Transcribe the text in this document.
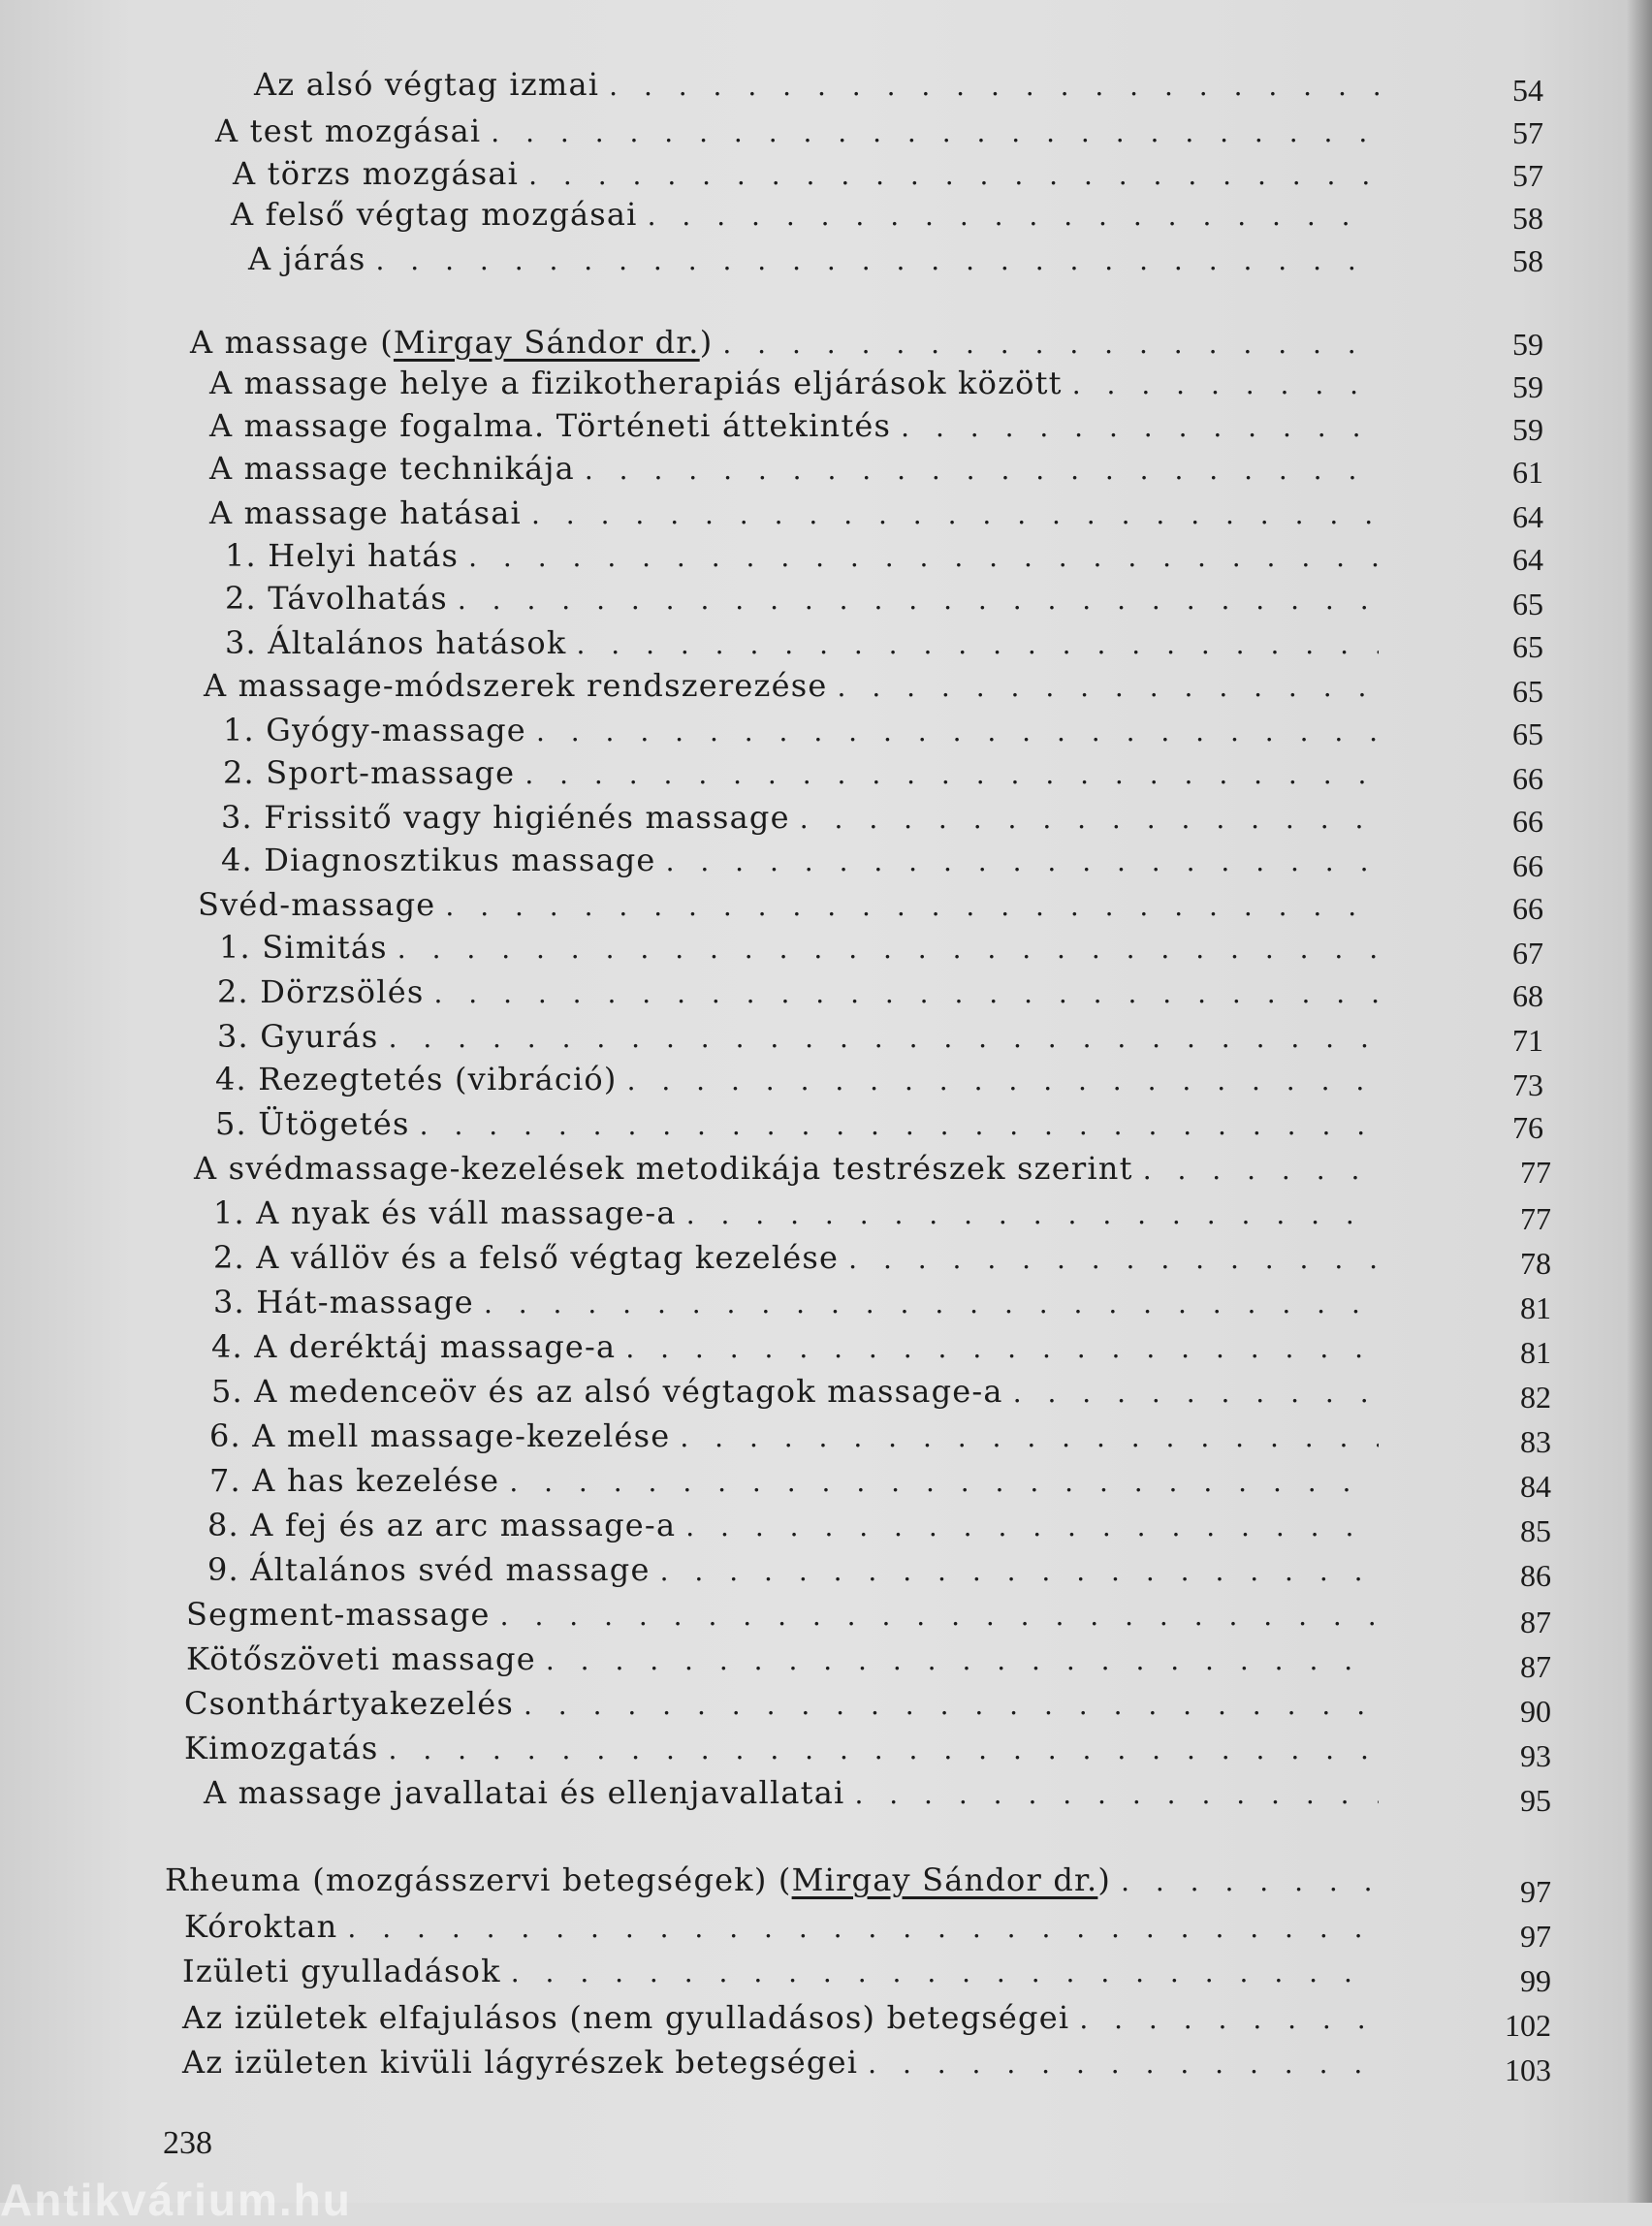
Az alsó végtag izmai . . .	54
A test mozgásai . . .	57
A törzs mozgásai . . .	57
A felső végtag mozgásai . . .	58
A járás . . .	58
A massage (Mirgay Sándor dr.) . . .	59
A massage helye a fizikotherapiás eljárások között . . .	59
A massage fogalma. Történeti áttekintés . . .	59
A massage technikája . . .	61
A massage hatásai . . .	64
1. Helyi hatás . . .	64
2. Távolhatás . . .	65
3. Általános hatások . . .	65
A massage-módszerek rendszerezése . . .	65
1. Gyógy-massage . . .	65
2. Sport-massage . . .	66
3. Frissitő vagy higiénés massage . . .	66
4. Diagnosztikus massage . . .	66
Svéd-massage . . .	66
1. Simitás . . .	67
2. Dörzsölés . . .	68
3. Gyurás . . .	71
4. Rezegtetés (vibráció) . . .	73
5. Ütögetés . . .	76
A svédmassage-kezelések metodikája testrészek szerint . . .	77
1. A nyak és váll massage-a . . .	77
2. A vállöv és a felső végtag kezelése . . .	78
3. Hát-massage . . .	81
4. A deréktáj massage-a . . .	81
5. A medenceöv és az alsó végtagok massage-a . . .	82
6. A mell massage-kezelése . . .	83
7. A has kezelése . . .	84
8. A fej és az arc massage-a . . .	85
9. Általános svéd massage . . .	86
Segment-massage . . .	87
Kötőszöveti massage . . .	87
Csonthártyakezelés . . .	90
Kimozgatás . . .	93
A massage javallatai és ellenjavallatai . . .	95
Rheuma (mozgásszervi betegségek) (Mirgay Sándor dr.) . . .	97
Kóroktan . . .	97
Izületi gyulladások . . .	99
Az izületek elfajulásos (nem gyulladásos) betegségei . . .	102
Az izületen kivüli lágyrészek betegségei . . .	103
238
Antikvárium.hu
